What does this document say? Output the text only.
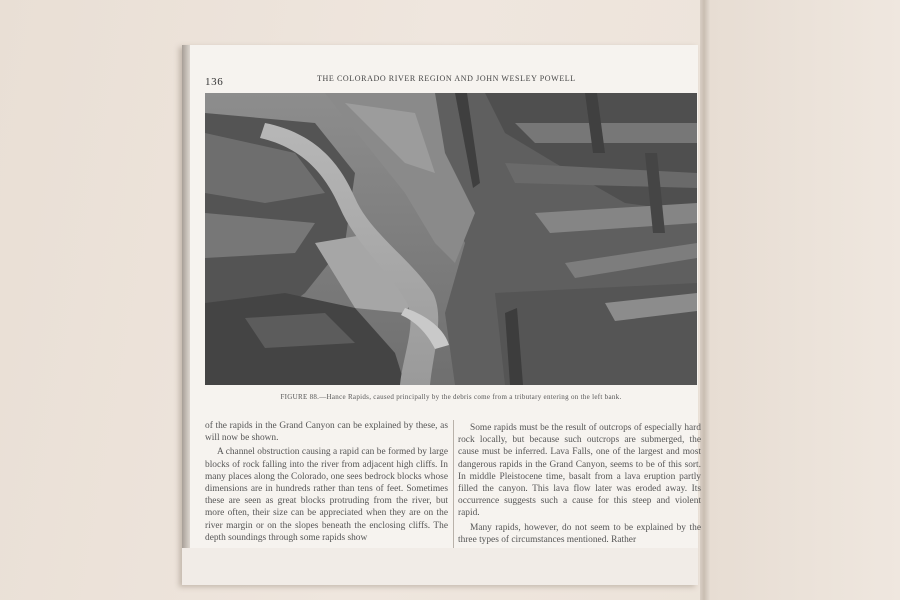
136	THE COLORADO RIVER REGION AND JOHN WESLEY POWELL
FIGURE 88.—Hance Rapids, caused principally by the debris come from a tributary entering on the left bank.

of the rapids in the Grand Canyon can be explained by these, as will now be shown.

A channel obstruction causing a rapid can be formed by large blocks of rock falling into the river from adjacent high cliffs. In many places along the Colorado, one sees bedrock blocks whose dimensions are in hundreds rather than tens of feet. Sometimes these are seen as great blocks protruding from the river, but more often, their size can be appreciated when they are on the river margin or on the slopes beneath the enclosing cliffs. The depth soundings through some rapids show

Some rapids must be the result of outcrops of especially hard rock locally, but because such outcrops are submerged, the cause must be inferred. Lava Falls, one of the largest and most dangerous rapids in the Grand Canyon, seems to be of this sort. In middle Pleistocene time, basalt from a lava eruption partly filled the canyon. This lava flow later was eroded away. Its occurrence suggests such a cause for this steep and violent rapid.

Many rapids, however, do not seem to be explained by the three types of circumstances mentioned. Rather
